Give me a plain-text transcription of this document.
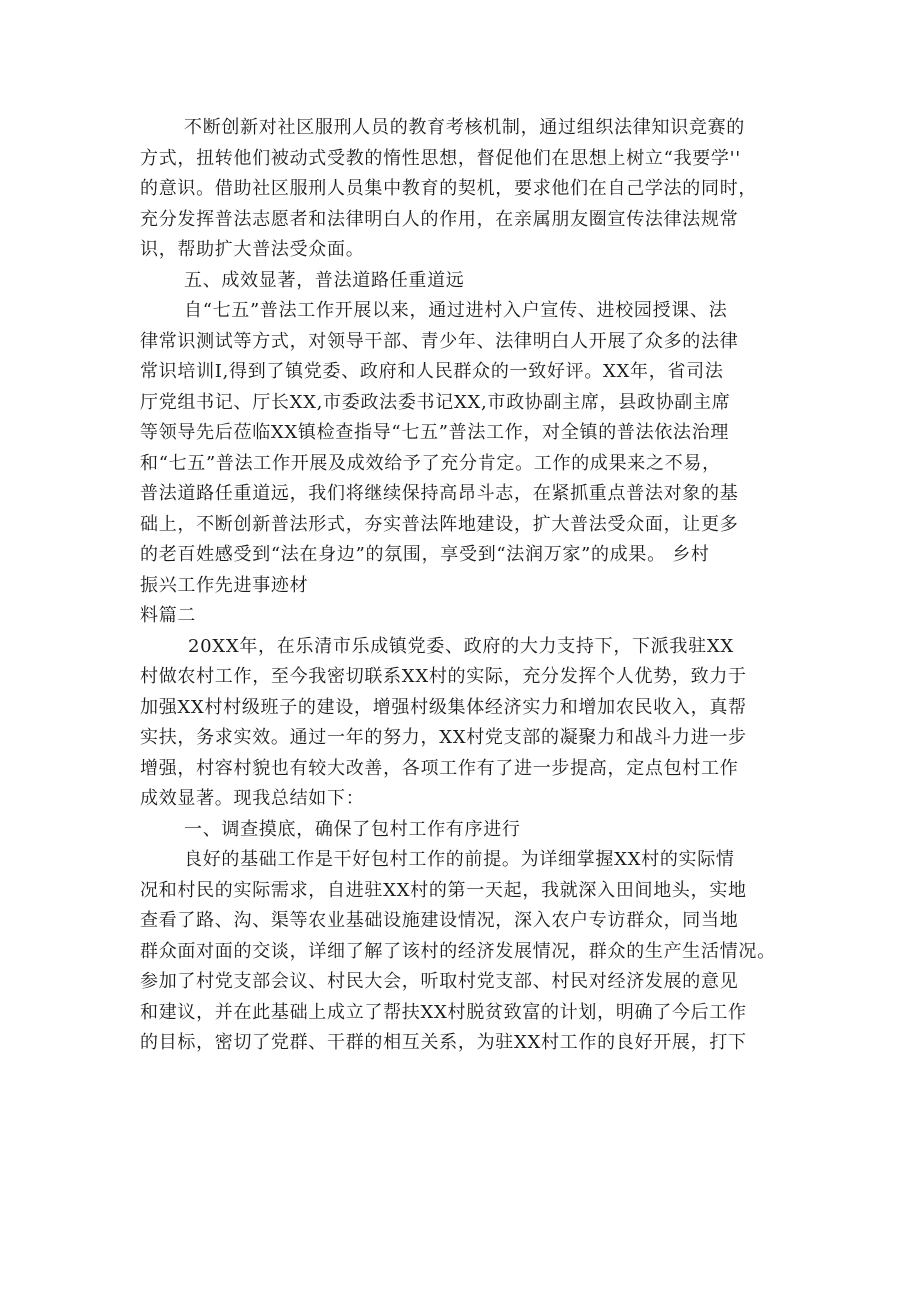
不断创新对社区服刑人员的教育考核机制，通过组织法律知识竞赛的
方式，扭转他们被动式受教的惰性思想，督促他们在思想上树立“我要学''
的意识。借助社区服刑人员集中教育的契机，要求他们在自己学法的同时，
充分发挥普法志愿者和法律明白人的作用，在亲属朋友圈宣传法律法规常
识，帮助扩大普法受众面。
五、成效显著，普法道路任重道远
自“七五”普法工作开展以来，通过进村入户宣传、进校园授课、法
律常识测试等方式，对领导干部、青少年、法律明白人开展了众多的法律
常识培训I,得到了镇党委、政府和人民群众的一致好评。XX年，省司法
厅党组书记、厅长XX,市委政法委书记XX,市政协副主席，县政协副主席
等领导先后莅临XX镇检查指导“七五”普法工作，对全镇的普法依法治理
和“七五”普法工作开展及成效给予了充分肯定。工作的成果来之不易，
普法道路任重道远，我们将继续保持高昂斗志，在紧抓重点普法对象的基
础上，不断创新普法形式，夯实普法阵地建设，扩大普法受众面，让更多
的老百姓感受到“法在身边”的氛围，享受到“法润万家”的成果。 乡村
振兴工作先进事迹材
料篇二
20XX年，在乐清市乐成镇党委、政府的大力支持下，下派我驻XX
村做农村工作，至今我密切联系XX村的实际，充分发挥个人优势，致力于
加强XX村村级班子的建设，增强村级集体经济实力和增加农民收入，真帮
实扶，务求实效。通过一年的努力，XX村党支部的凝聚力和战斗力进一步
增强，村容村貌也有较大改善，各项工作有了进一步提高，定点包村工作
成效显著。现我总结如下：
一、调查摸底，确保了包村工作有序进行
良好的基础工作是干好包村工作的前提。为详细掌握XX村的实际情
况和村民的实际需求，自进驻XX村的第一天起，我就深入田间地头，实地
查看了路、沟、渠等农业基础设施建设情况，深入农户专访群众，同当地
群众面对面的交谈，详细了解了该村的经济发展情况，群众的生产生活情况。
参加了村党支部会议、村民大会，听取村党支部、村民对经济发展的意见
和建议，并在此基础上成立了帮扶XX村脱贫致富的计划，明确了今后工作
的目标，密切了党群、干群的相互关系，为驻XX村工作的良好开展，打下
